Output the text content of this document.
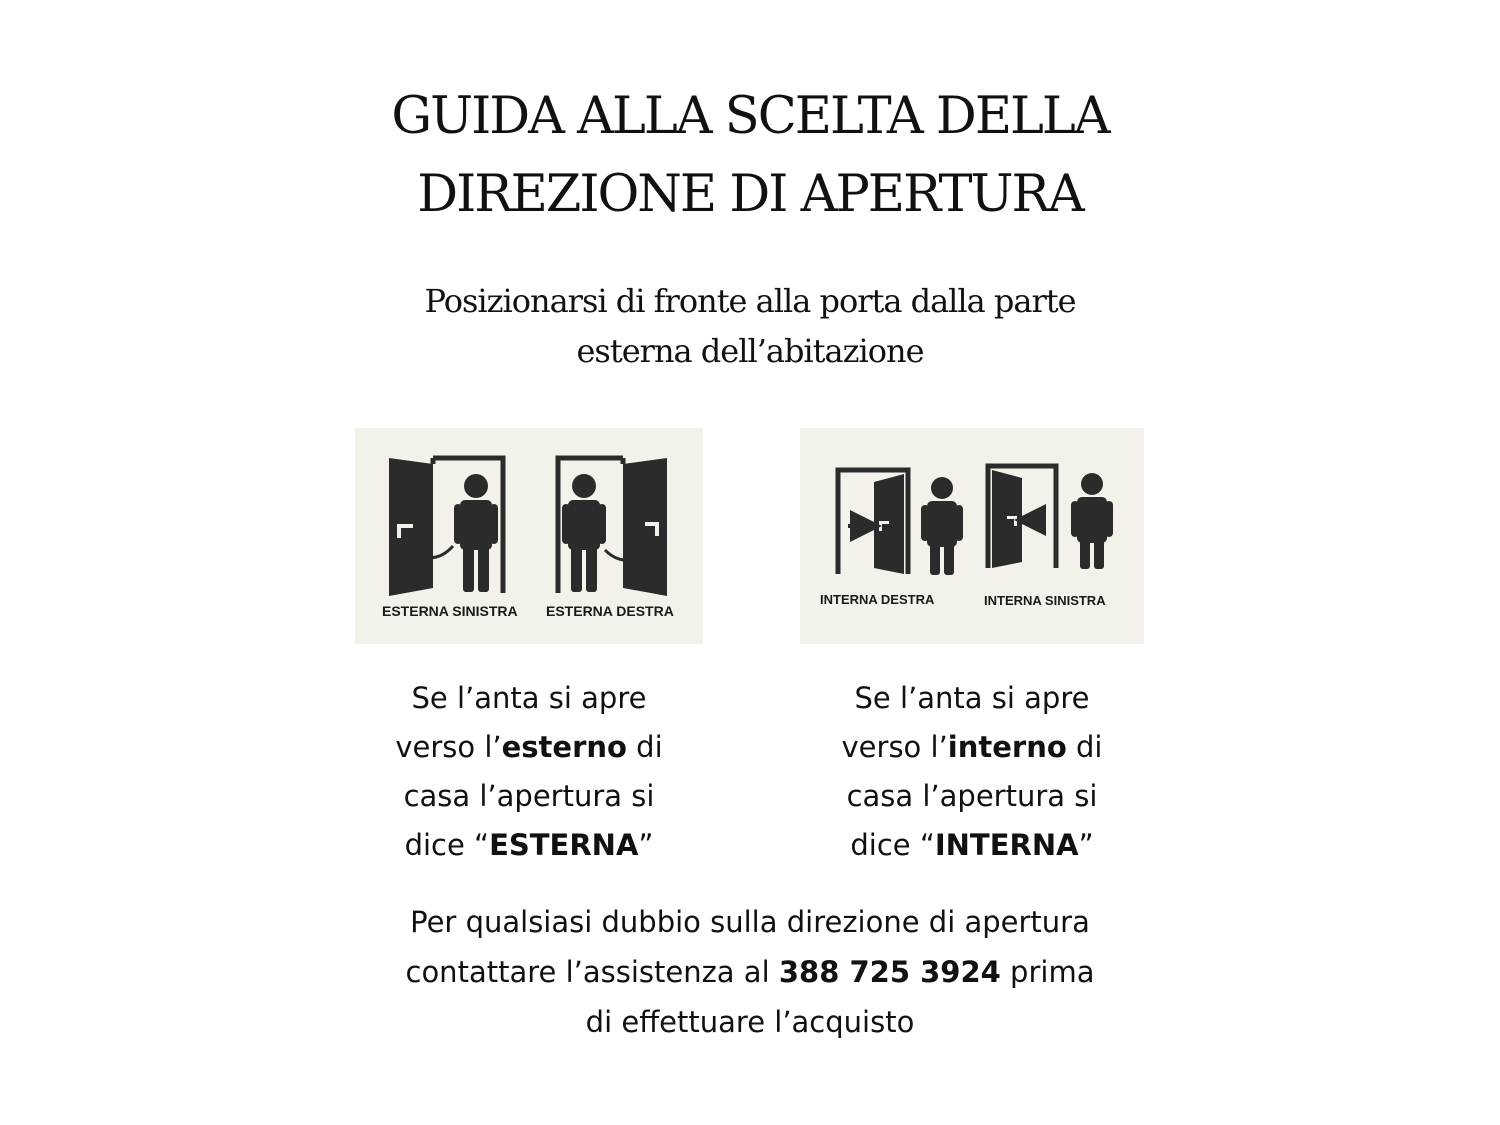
GUIDA ALLA SCELTA DELLA
DIREZIONE DI APERTURA
Posizionarsi di fronte alla porta dalla parte
esterna dell’abitazione
ESTERNA SINISTRA ESTERNA DESTRA
INTERNA DESTRA	INTERNA SINISTRA
Se l’anta si apre
verso l’esterno di
casa l’apertura si
dice “ESTERNA”
Se l’anta si apre
verso l’interno di
casa l’apertura si
dice “INTERNA”
Per qualsiasi dubbio sulla direzione di apertura
contattare l’assistenza al 388 725 3924 prima
di effettuare l’acquisto
